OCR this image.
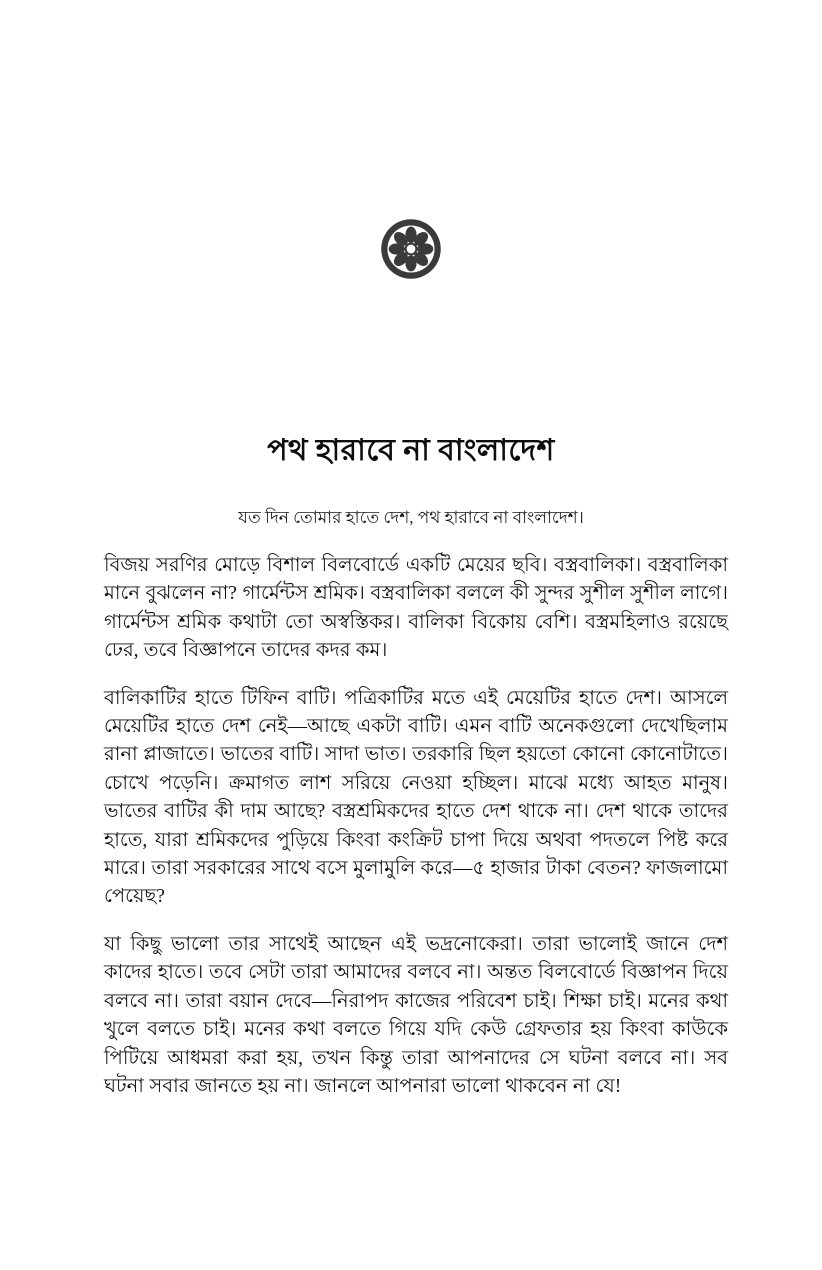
পথ হারাবে না বাংলাদেশ

যত দিন তোমার হাতে দেশ, পথ হারাবে না বাংলাদেশ।

বিজয় সরণির মোড়ে বিশাল বিলবোর্ডে একটি মেয়ের ছবি। বস্ত্রবালিকা। বস্ত্রবালিকা মানে বুঝলেন না? গার্মেন্টস শ্রমিক। বস্ত্রবালিকা বললে কী সুন্দর সুশীল সুশীল লাগে। গার্মেন্টস শ্রমিক কথাটা তো অস্বস্তিকর। বালিকা বিকোয় বেশি। বস্ত্রমহিলাও রয়েছে ঢের, তবে বিজ্ঞাপনে তাদের কদর কম।

বালিকাটির হাতে টিফিন বাটি। পত্রিকাটির মতে এই মেয়েটির হাতে দেশ। আসলে মেয়েটির হাতে দেশ নেই—আছে একটা বাটি। এমন বাটি অনেকগুলো দেখেছিলাম রানা প্লাজাতে। ভাতের বাটি। সাদা ভাত। তরকারি ছিল হয়তো কোনো কোনোটাতে। চোখে পড়েনি। ক্রমাগত লাশ সরিয়ে নেওয়া হচ্ছিল। মাঝে মধ্যে আহত মানুষ। ভাতের বাটির কী দাম আছে? বস্ত্রশ্রমিকদের হাতে দেশ থাকে না। দেশ থাকে তাদের হাতে, যারা শ্রমিকদের পুড়িয়ে কিংবা কংক্রিট চাপা দিয়ে অথবা পদতলে পিষ্ট করে মারে। তারা সরকারের সাথে বসে মুলামুলি করে—৫ হাজার টাকা বেতন? ফাজলামো পেয়েছ?

যা কিছু ভালো তার সাথেই আছেন এই ভদ্রনোকেরা। তারা ভালোই জানে দেশ কাদের হাতে। তবে সেটা তারা আমাদের বলবে না। অন্তত বিলবোর্ডে বিজ্ঞাপন দিয়ে বলবে না। তারা বয়ান দেবে—নিরাপদ কাজের পরিবেশ চাই। শিক্ষা চাই। মনের কথা খুলে বলতে চাই। মনের কথা বলতে গিয়ে যদি কেউ গ্রেফতার হয় কিংবা কাউকে পিটিয়ে আধমরা করা হয়, তখন কিন্তু তারা আপনাদের সে ঘটনা বলবে না। সব ঘটনা সবার জানতে হয় না। জানলে আপনারা ভালো থাকবেন না যে!
